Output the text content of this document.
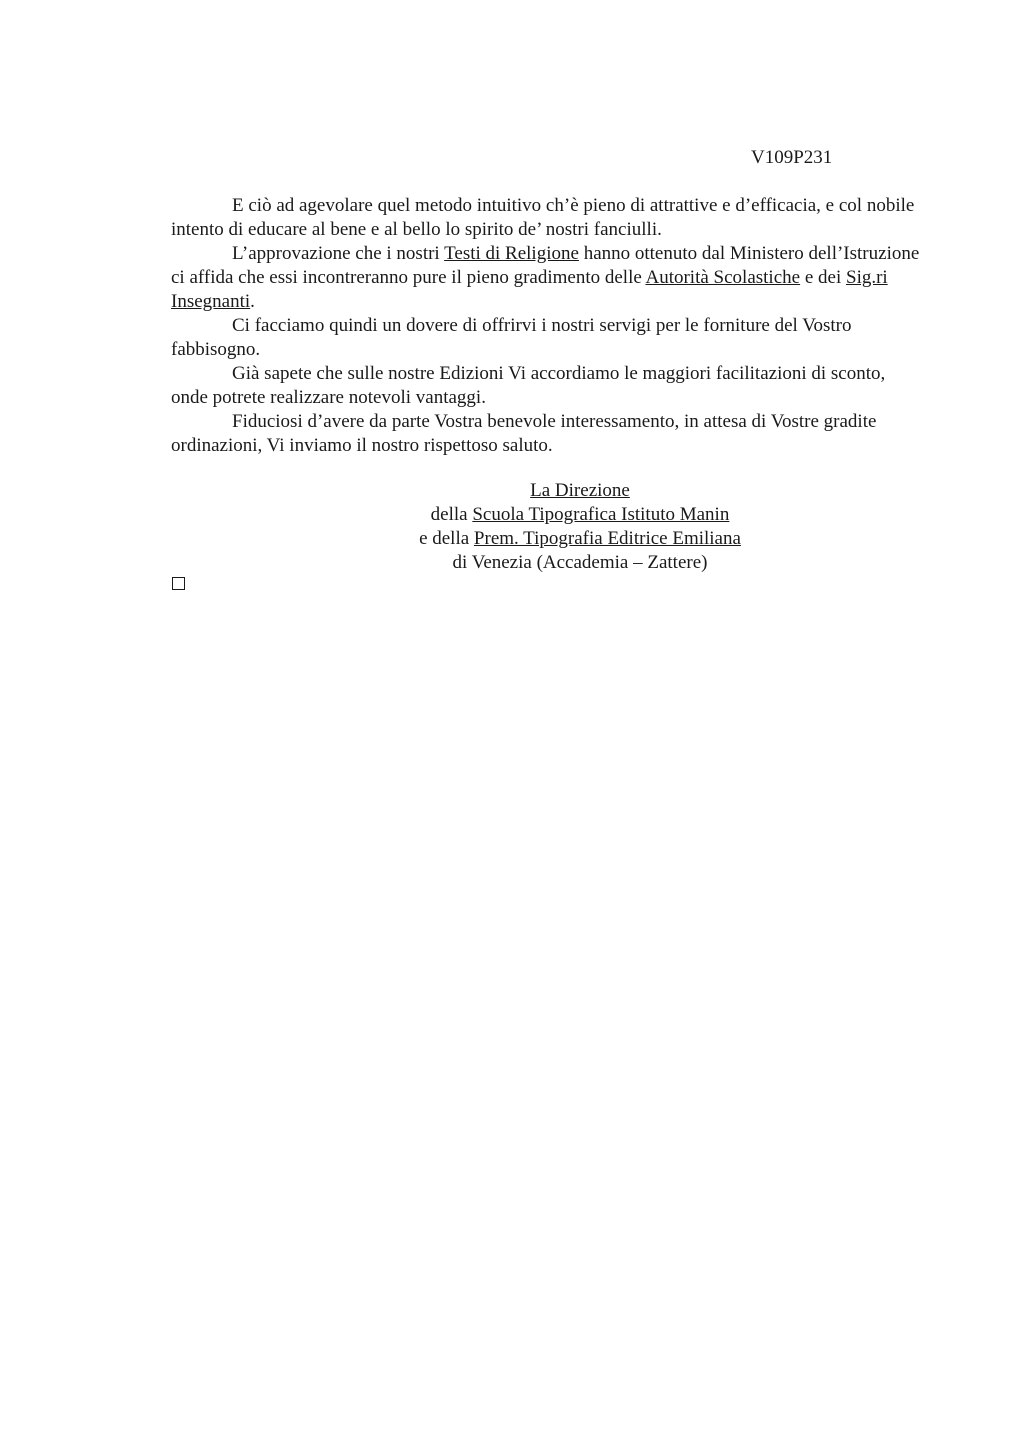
V109P231

E ciò ad agevolare quel metodo intuitivo ch’è pieno di attrattive e d’efficacia, e col nobile intento di educare al bene e al bello lo spirito de’ nostri fanciulli.

L’approvazione che i nostri Testi di Religione hanno ottenuto dal Ministero dell’Istruzione ci affida che essi incontreranno pure il pieno gradimento delle Autorità Scolastiche e dei Sig.ri Insegnanti.

Ci facciamo quindi un dovere di offrirvi i nostri servigi per le forniture del Vostro fabbisogno.

Già sapete che sulle nostre Edizioni Vi accordiamo le maggiori facilitazioni di sconto, onde potrete realizzare notevoli vantaggi.

Fiduciosi d’avere da parte Vostra benevole interessamento, in attesa di Vostre gradite ordinazioni, Vi inviamo il nostro rispettoso saluto.

La Direzione
della Scuola Tipografica Istituto Manin
e della Prem. Tipografia Editrice Emiliana
di Venezia (Accademia – Zattere)
